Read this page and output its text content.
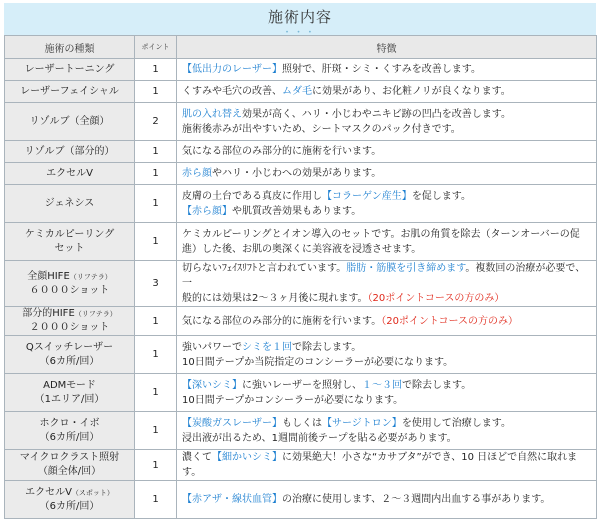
施術内容
• • •
施術の種類	ポイント	特徴
レーザートーニング	1	【低出力のレーザー】照射で、肝斑・シミ・くすみを改善します。
レーザーフェイシャル	1	くすみや毛穴の改善、ムダ毛に効果があり、お化粧ノリが良くなります。
リゾルブ（全顔）	2	肌の入れ替え効果が高く、ハリ・小じわやニキビ跡の凹凸を改善します。
施術後赤みが出やすいため、シートマスクのパック付きです。
リゾルブ（部分的）	1	気になる部位のみ部分的に施術を行います。
エクセルV	1	赤ら顔やハリ・小じわへの効果があります。
ジェネシス	1	皮膚の土台である真皮に作用し【コラーゲン産生】を促します。
【赤ら顔】や肌質改善効果もあります。
ケミカルピーリング
セット	1	ケミカルピーリングとイオン導入のセットです。お肌の角質を除去（ターンオーバーの促
進）した後、お肌の奥深くに美容液を浸透させます。
全顔HIFE（リフテラ）
６０００ショット	3	切らないﾌｪｲｽﾘﾌﾄと言われています。脂肪・筋膜を引き締めます。複数回の治療が必要で、一
般的には効果は2～３ヶ月後に現れます。（20ポイントコースの方のみ）
部分的HIFE（リフテラ）
２０００ショット	1	気になる部位のみ部分的に施術を行います。（20ポイントコースの方のみ）
Qスイッチレーザー
（6カ所/回）	1	強いパワーでシミを１回で除去します。
10日間テープか当院指定のコンシーラーが必要になります。
ADMモード
（1エリア/回）	1	【深いシミ】に強いレーザーを照射し、１～３回で除去します。
10日間テープかコンシーラーが必要になります。
ホクロ・イボ
（6カ所/回）	1	【炭酸ガスレーザー】もしくは【サージトロン】を使用して治療します。
浸出液が出るため、1週間前後テープを貼る必要があります。
マイクロクラスト照射
（顔全体/回）	1	濃くて【細かいシミ】に効果絶大！小さな“カサブタ”ができ、10 日ほどで自然に取れます。
エクセルV（スポット）
（6カ所/回）	1	【赤アザ・線状血管】の治療に使用します、２～３週間内出血する事があります。
